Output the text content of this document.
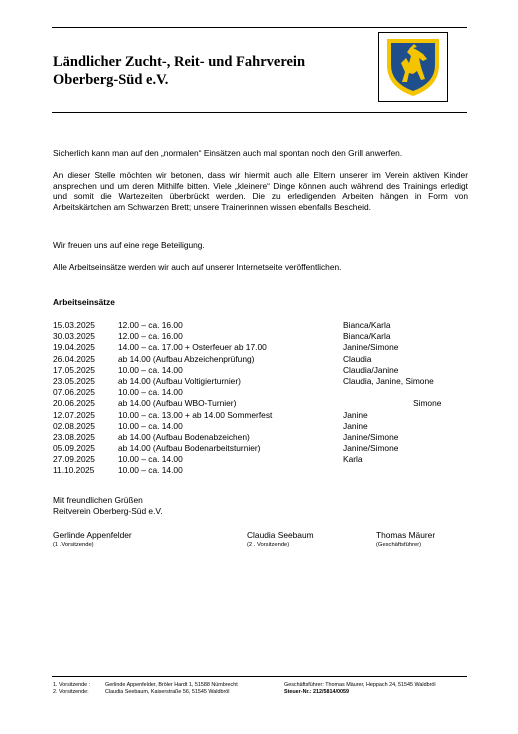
Ländlicher Zucht-, Reit- und Fahrverein
Oberberg-Süd e.V.

Sicherlich kann man auf den „normalen“ Einsätzen auch mal spontan noch den Grill anwerfen.

An dieser Stelle möchten wir betonen, dass wir hiermit auch alle Eltern unserer im Verein aktiven Kinder ansprechen und um deren Mithilfe bitten. Viele „kleinere“ Dinge können auch während des Trainings erledigt und somit die Wartezeiten überbrückt werden. Die zu erledigenden Arbeiten hängen in Form von Arbeitskärtchen am Schwarzen Brett; unsere Trainerinnen wissen ebenfalls Bescheid.

Wir freuen uns auf eine rege Beteiligung.

Alle Arbeitseinsätze werden wir auch auf unserer Internetseite veröffentlichen.

Arbeitseinsätze
15.03.2025	12.00 – ca. 16.00	Bianca/Karla
30.03.2025	12.00 – ca. 16.00	Bianca/Karla
19.04.2025	14.00 – ca. 17.00 + Osterfeuer ab 17.00	Janine/Simone
26.04.2025	ab 14.00 (Aufbau Abzeichenprüfung)	Claudia
17.05.2025	10.00 – ca. 14.00	Claudia/Janine
23.05.2025	ab 14.00 (Aufbau Voltigierturnier)	Claudia, Janine, Simone
07.06.2025	10.00 – ca. 14.00
20.06.2025	ab 14.00 (Aufbau WBO-Turnier)	Simone
12.07.2025	10.00 – ca. 13.00 + ab 14.00 Sommerfest	Janine
02.08.2025	10.00 – ca. 14.00	Janine
23.08.2025	ab 14.00 (Aufbau Bodenabzeichen)	Janine/Simone
05.09.2025	ab 14.00 (Aufbau Bodenarbeitsturnier)	Janine/Simone
27.09.2025	10.00 – ca. 14.00	Karla
11.10.2025	10.00 – ca. 14.00
Mit freundlichen Grüßen
Reitverein Oberberg-Süd e.V.
Gerlinde Appenfelder
(1 .Vorsitzende)
Claudia Seebaum
(2 . Vorsitzende)
Thomas Mäurer
(Geschäftsführer)
1. Vorsitzende :
2. Vorsitzende:
Gerlinde Appenfelder, Bröler Hardt 1, 51588 Nümbrecht
Claudia Seebaum, Kaiserstraße 56, 51545 Waldbröl
Geschäftsführer: Thomas Mäurer, Heppach 24, 51545 Waldbröl
Steuer-Nr.: 212/5814/0059
